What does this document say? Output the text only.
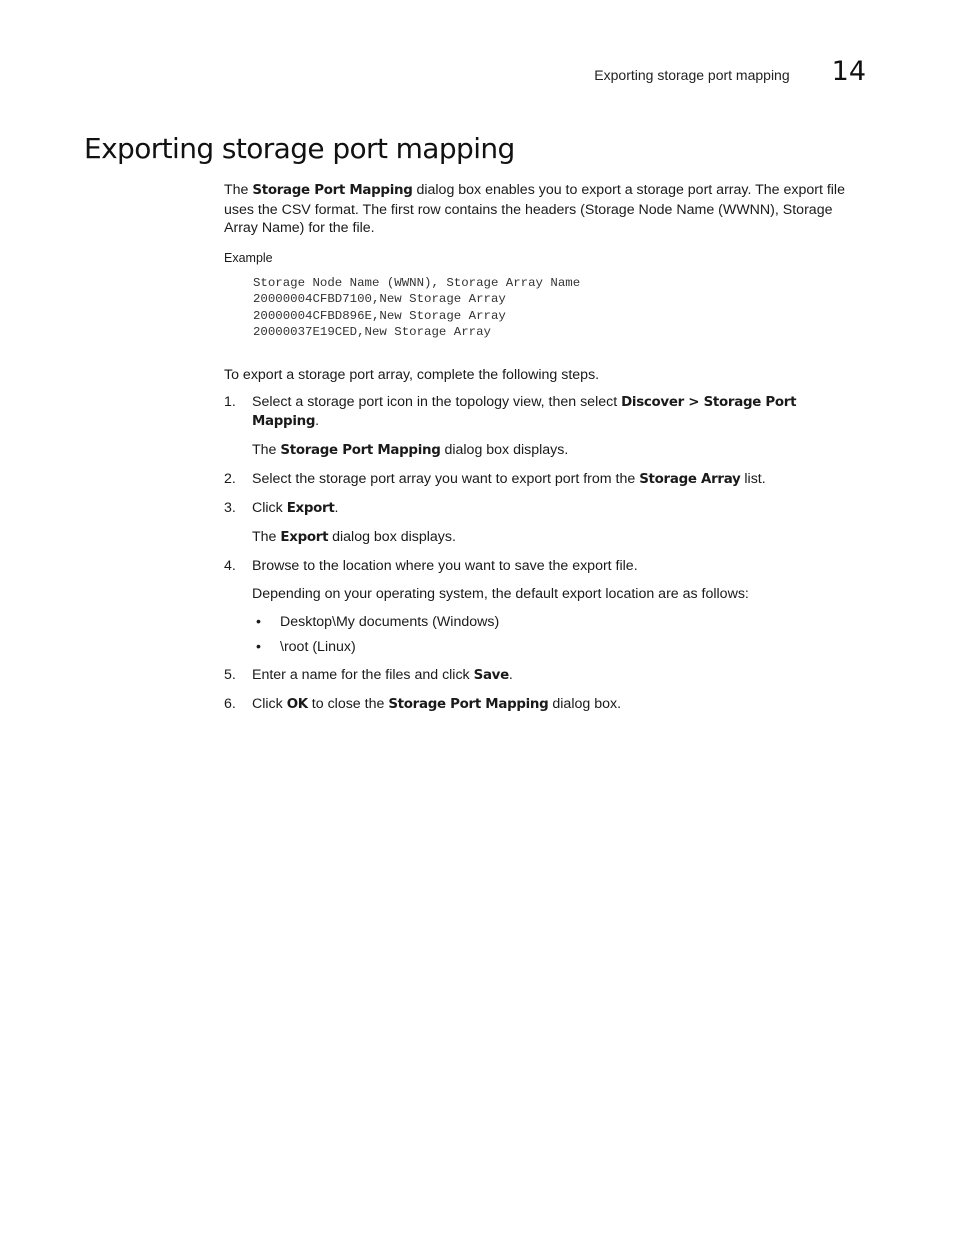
Exporting storage port mapping 14
Exporting storage port mapping

The Storage Port Mapping dialog box enables you to export a storage port array. The export file uses the CSV format. The first row contains the headers (Storage Node Name (WWNN), Storage Array Name) for the file.

Example
Storage Node Name (WWNN), Storage Array Name
20000004CFBD7100,New Storage Array
20000004CFBD896E,New Storage Array
20000037E19CED,New Storage Array

To export a storage port array, complete the following steps.

1. Select a storage port icon in the topology view, then select Discover > Storage Port Mapping.
The Storage Port Mapping dialog box displays.
2. Select the storage port array you want to export port from the Storage Array list.
3. Click Export.
The Export dialog box displays.
4. Browse to the location where you want to save the export file.
Depending on your operating system, the default export location are as follows:
• Desktop\My documents (Windows)
• \root (Linux)
5. Enter a name for the files and click Save.
6. Click OK to close the Storage Port Mapping dialog box.
